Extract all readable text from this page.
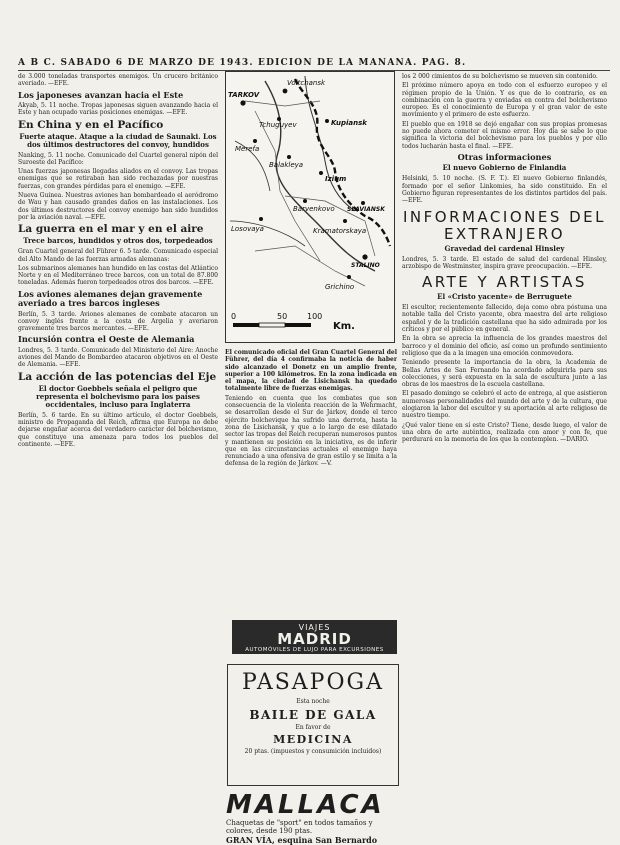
A B C. SABADO 6 DE MARZO DE 1943. EDICION DE LA MAÑANA. PAG. 8.

de 3.000 toneladas transportes enemigos. Un crucero británico averiado. —EFE.

Los japoneses avanzan hacia el Este

Akyab, 5. 11 noche. Tropas japonesas siguen avanzando hacia el Este y han ocupado varias posiciones enemigas. —EFE.

En China y en el Pacífico
Fuerte ataque. Ataque a la ciudad de Saunaki. Los dos últimos destructores del convoy, hundidos

Nanking, 5. 11 noche. Comunicado del Cuartel general nipón del Suroeste del Pacífico:

Unas fuerzas japonesas llegadas aliados en el convoy. Las tropas enemigas que se retiraban han sido rechazadas por nuestras fuerzas, con grandes pérdidas para el enemigo. —EFE.

Nueva Guinea. Nuestras aviones han bombardeado el aeródromo de Wau y han causado grandes daños en las instalaciones. Los dos últimos destructores del convoy enemigo han sido hundidos por la aviación naval. —EFE.

La guerra en el mar y en el aire
Trece barcos, hundidos y otros dos, torpedeados

Gran Cuartel general del Führer 6. 5 tarde. Comunicado especial del Alto Mando de las fuerzas armadas alemanas:

Los submarinos alemanes han hundido en las costas del Atlántico Norte y en el Mediterráneo trece barcos, con un total de 87.800 toneladas. Además fueron torpedeados otros dos barcos. —EFE.

Los aviones alemanes dejan gravemente averiado a tres barcos ingleses

Berlín, 5. 3 tarde. Aviones alemanes de combate atacaron un convoy inglés frente a la costa de Argelia y averiaron gravemente tres barcos mercantes. —EFE.

Incursión contra el Oeste de Alemania

Londres, 5. 3 tarde. Comunicado del Ministerio del Aire: Anoche aviones del Mando de Bombardeo atacaron objetivos en el Oeste de Alemania. —EFE.

La acción de las potencias del Eje
El doctor Goebbels señala el peligro que representa el bolchevismo para los países occidentales, incluso para Inglaterra

Berlín, 5. 6 tarde. En su último artículo, el doctor Goebbels, ministro de Propaganda del Reich, afirma que Europa no debe dejarse engañar acerca del verdadero carácter del bolchevismo, que constituye una amenaza para todos los pueblos del continente. —EFE.

Voltchansk
TARKOV
Tchuguyev	Kupiansk
Merefa
Balakleya
Izium
Barvenkovo SLAVIANSK
Losovaya	Kramatorskaya
STALINO
Grichino
0	50 100
Km.

El comunicado oficial del Gran Cuartel General del Führer, del día 4 confirmaba la noticia de haber sido alcanzado el Donetz en un amplio frente, superior a 100 kilómetros. En la zona indicada en el mapa, la ciudad de Lisichansk ha quedado totalmente libre de fuerzas enemigas.

Teniendo en cuenta que los combates que son consecuencia de la violenta reacción de la Wehrmacht, se desarrollan desde el Sur de Járkov, donde el terco ejército bolchevique ha sufrido una derrota, hasta la zona de Lisichansk, y que a lo largo de ese dilatado sector las tropas del Reich recuperan numerosos puntos y mantienen su posición en la iniciativa, es de inferir que en las circunstancias actuales el enemigo haya renunciado a una ofensiva de gran estilo y se limita a la defensa de la región de Járkov. —V.

VIAJES
MADRID
AUTOMÓVILES DE LUJO PARA EXCURSIONES
PASAPOGA
Esta noche
BAILE DE GALA
En favor de
MEDICINA
20 ptas. (impuestos y consumición incluidos)
MALLACA
Chaquetas de "sport" en todos tamaños y colores, desde 190 ptas.
GRAN VÍA, esquina San Bernardo

los 2 000 cimientos de su bolchevismo se mueven sin contenido.

El próximo número apoya en todo con el esfuerzo europeo y el régimen propio de la Unión. Y es que de lo contrario, es en combinación con la guerra y enviadas en contra del bolchevismo europeo. Es el conocimiento de Europa y el gran valor de este movimiento y el primero de este esfuerzo.

El pueblo que en 1918 se dejó engañar con sus propias promesas no puede ahora cometer el mismo error. Hoy día se sabe lo que significa la victoria del bolchevismo para los pueblos y por ello todos lucharán hasta el final. —EFE.

Otras informaciones
El nuevo Gobierno de Finlandia

Helsinki, 5. 10 noche. (S. F. T.). El nuevo Gobierno finlandés, formado por el señor Linkomies, ha sido constituido. En el Gobierno figuran representantes de los distintos partidos del país. —EFE.

INFORMACIONES DEL EXTRANJERO
Gravedad del cardenal Hinsley

Londres, 5. 3 tarde. El estado de salud del cardenal Hinsley, arzobispo de Westminster, inspira grave preocupación. —EFE.

ARTE Y ARTISTAS
El «Cristo yacente» de Berruguete

El escultor, recientemente fallecido, deja como obra póstuma una notable talla del Cristo yacente, obra maestra del arte religioso español y de la tradición castellana que ha sido admirada por los críticos y por el público en general.

En la obra se aprecia la influencia de los grandes maestros del barroco y el dominio del oficio, así como un profundo sentimiento religioso que da a la imagen una emoción conmovedora.

Teniendo presente la importancia de la obra, la Academia de Bellas Artes de San Fernando ha acordado adquirirla para sus colecciones, y será expuesta en la sala de escultura junto a las obras de los maestros de la escuela castellana.

El pasado domingo se celebró el acto de entrega, al que asistieron numerosas personalidades del mundo del arte y de la cultura, que elogiaron la labor del escultor y su aportación al arte religioso de nuestro tiempo.

¿Qué valor tiene en sí este Cristo? Tiene, desde luego, el valor de una obra de arte auténtica, realizada con amor y con fe, que perdurará en la memoria de los que la contemplen. —DARIO.
